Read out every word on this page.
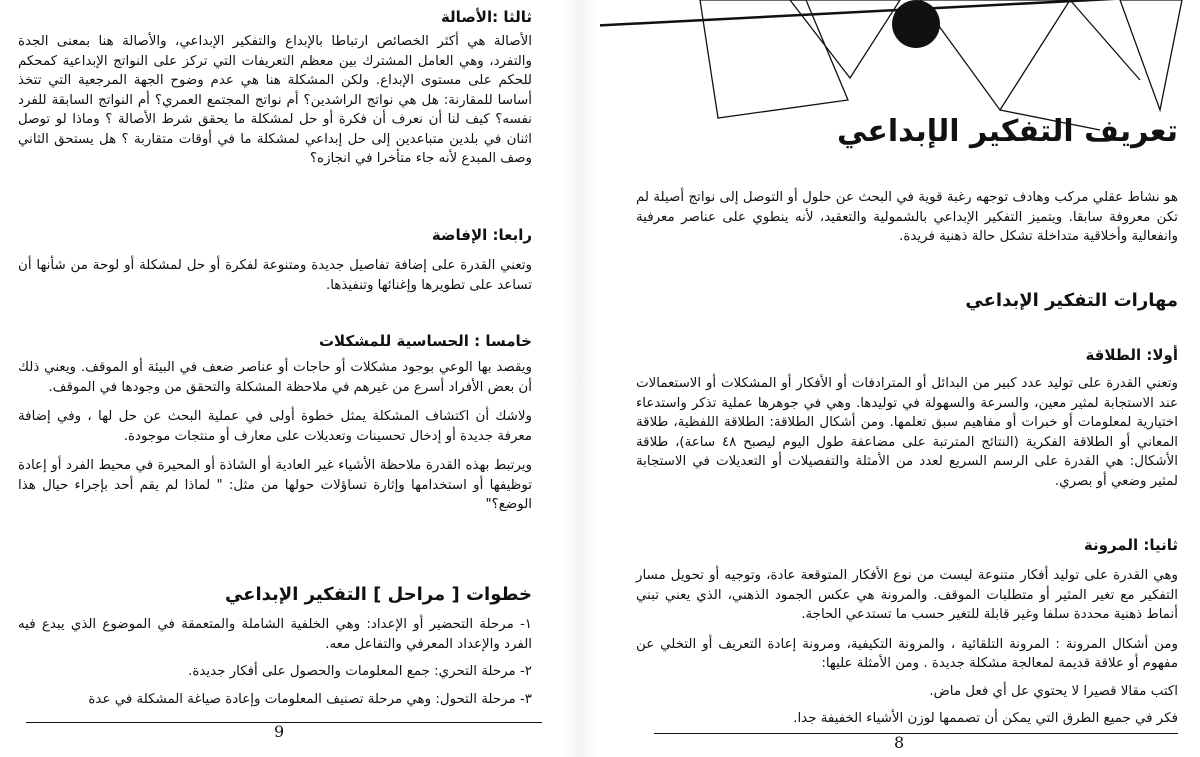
ثالثا :الأصالة

الأصالة هي أكثر الخصائص ارتباطا بالإبداع والتفكير الإبداعي، والأصالة هنا بمعنى الجدة والتفرد، وهي العامل المشترك بين معظم التعريفات التي تركز على النواتج الإبداعية كمحكم للحكم على مستوى الإبداع. ولكن المشكلة هنا هي عدم وضوح الجهة المرجعية التي تتخذ أساسا للمقارنة: هل هي نواتج الراشدين؟ أم نواتج المجتمع العمري؟ أم النواتج السابقة للفرد نفسه؟ كيف لنا أن نعرف أن فكرة أو حل لمشكلة ما يحقق شرط الأصالة ؟ وماذا لو توصل اثنان في بلدين متباعدين إلى حل إبداعي لمشكلة ما في أوقات متقاربة ؟ هل يستحق الثاني وصف المبدع لأنه جاء متأخرا في انجازه؟

رابعا: الإفاضة

وتعني القدرة على إضافة تفاصيل جديدة ومتنوعة لفكرة أو حل لمشكلة أو لوحة من شأنها أن تساعد على تطويرها وإغنائها وتنفيذها.

خامسا : الحساسية للمشكلات

ويقصد بها الوعي بوجود مشكلات أو حاجات أو عناصر ضعف في البيئة أو الموقف. ويعني ذلك أن بعض الأفراد أسرع من غيرهم في ملاحظة المشكلة والتحقق من وجودها في الموقف.

ولاشك أن اكتشاف المشكلة يمثل خطوة أولى في عملية البحث عن حل لها ، وفي إضافة معرفة جديدة أو إدخال تحسينات وتعديلات على معارف أو منتجات موجودة.

ويرتبط بهذه القدرة ملاحظة الأشياء غير العادية أو الشاذة أو المحيرة في محيط الفرد أو إعادة توظيفها أو استخدامها وإثارة تساؤلات حولها من مثل: " لماذا لم يقم أحد بإجراء حيال هذا الوضع؟"

خطوات [ مراحل ] التفكير الإبداعي
١- مرحلة التحضير أو الإعداد: وهي الخلفية الشاملة والمتعمقة في الموضوع الذي يبدع فيه الفرد والإعداد المعرفي والتفاعل معه.
٢- مرحلة التحري: جمع المعلومات والحصول على أفكار جديدة.
٣- مرحلة التحول: وهي مرحلة تصنيف المعلومات وإعادة صياغة المشكلة في عدة
9
تعريف التفكير الإبداعي

هو نشاط عقلي مركب وهادف توجهه رغبة قوية في البحث عن حلول أو التوصل إلى نواتج أصيلة لم تكن معروفة سابقا. ويتميز التفكير الإبداعي بالشمولية والتعقيد، لأنه ينطوي على عناصر معرفية وانفعالية وأخلاقية متداخلة تشكل حالة ذهنية فريدة.

مهارات التفكير الإبداعي
أولا: الطلاقة

وتعني القدرة على توليد عدد كبير من البدائل أو المترادفات أو الأفكار أو المشكلات أو الاستعمالات عند الاستجابة لمثير معين، والسرعة والسهولة في توليدها. وهي في جوهرها عملية تذكر واستدعاء اختيارية لمعلومات أو خبرات أو مفاهيم سبق تعلمها. ومن أشكال الطلاقة: الطلاقة اللفظية، طلاقة المعاني أو الطلاقة الفكرية (النتائج المترتبة على مضاعفة طول اليوم ليصبح ٤٨ ساعة)، طلاقة الأشكال: هي القدرة على الرسم السريع لعدد من الأمثلة والتفصيلات أو التعديلات في الاستجابة لمثير وضعي أو بصري.

ثانيا: المرونة

وهي القدرة على توليد أفكار متنوعة ليست من نوع الأفكار المتوقعة عادة، وتوجيه أو تحويل مسار التفكير مع تغير المثير أو متطلبات الموقف. والمرونة هي عكس الجمود الذهني، الذي يعني تبني أنماط ذهنية محددة سلفا وغير قابلة للتغير حسب ما تستدعي الحاجة.

ومن أشكال المرونة : المرونة التلقائية ، والمرونة التكيفية، ومرونة إعادة التعريف أو التخلي عن مفهوم أو علاقة قديمة لمعالجة مشكلة جديدة . ومن الأمثلة عليها:

اكتب مقالا قصيرا لا يحتوي عل أي فعل ماض.

فكر في جميع الطرق التي يمكن أن تصممها لوزن الأشياء الخفيفة جدا.

8
